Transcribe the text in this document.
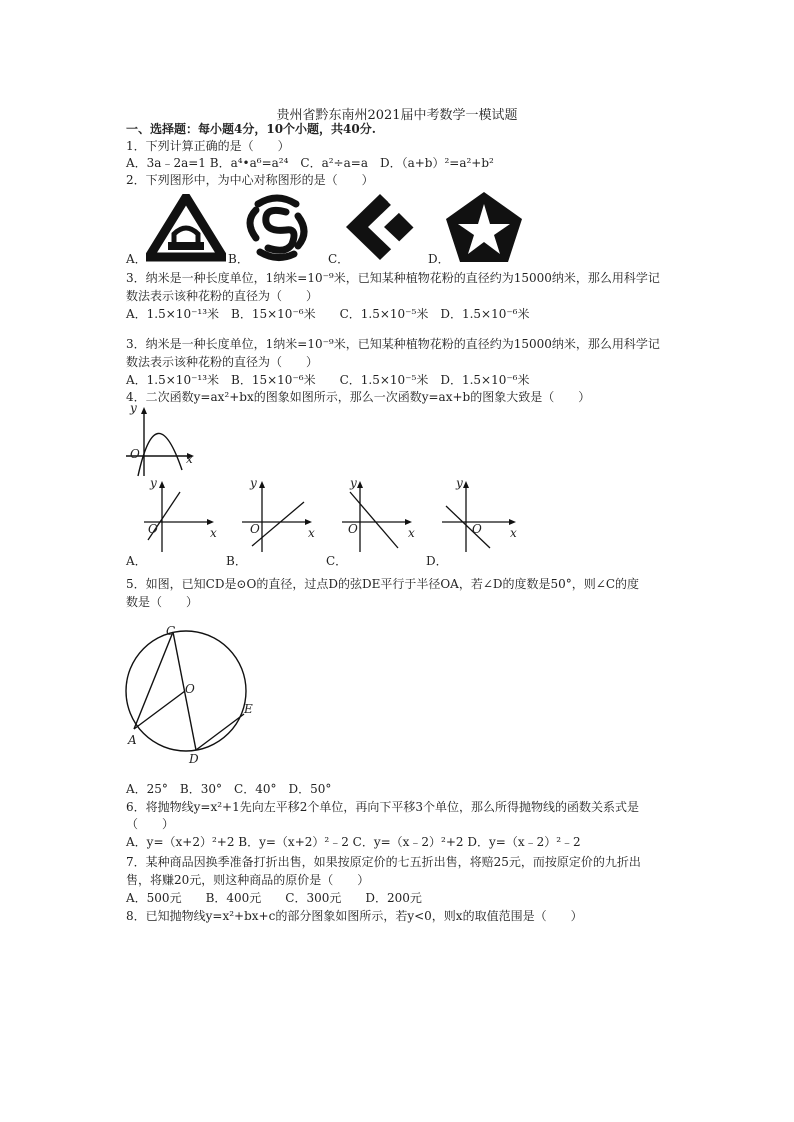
贵州省黔东南州2021届中考数学一模试题
一、选择题：每小题4分，10个小题，共40分.
1．下列计算正确的是（　　）
A．3a﹣2a=1 B．a⁴•a⁶=a²⁴　C．a²÷a=a　D．（a+b）²=a²+b²
2．下列图形中，为中心对称图形的是（　　）
A．	B．	C．	D．
3．纳米是一种长度单位，1纳米=10⁻⁹米，已知某种植物花粉的直径约为15000纳米，那么用科学记
数法表示该种花粉的直径为（　　）
A．1.5×10⁻¹³米　B．15×10⁻⁶米　　C．1.5×10⁻⁵米　D．1.5×10⁻⁶米
3．纳米是一种长度单位，1纳米=10⁻⁹米，已知某种植物花粉的直径约为15000纳米，那么用科学记
数法表示该种花粉的直径为（　　）
A．1.5×10⁻¹³米　B．15×10⁻⁶米　　C．1.5×10⁻⁵米　D．1.5×10⁻⁶米
4．二次函数y=ax²+bx的图象如图所示，那么一次函数y=ax+b的图象大致是（　　）
y
O	x
y
O	x
y
O	x
y
O	x
y
O x
A．	B．	C．	D．
5．如图，已知CD是⊙O的直径，过点D的弦DE平行于半径OA，若∠D的度数是50°，则∠C的度
数是（　　）
C
O
E
A
D
A．25°　B．30°　C．40°　D．50°
6．将抛物线y=x²+1先向左平移2个单位，再向下平移3个单位，那么所得抛物线的函数关系式是
（　　）
A．y=（x+2）²+2 B．y=（x+2）²﹣2 C．y=（x﹣2）²+2 D．y=（x﹣2）²﹣2
7．某种商品因换季准备打折出售，如果按原定价的七五折出售，将赔25元，而按原定价的九折出
售，将赚20元，则这种商品的原价是（　　）
A．500元　　B．400元　　C．300元　　D．200元
8．已知抛物线y=x²+bx+c的部分图象如图所示，若y<0，则x的取值范围是（　　）
